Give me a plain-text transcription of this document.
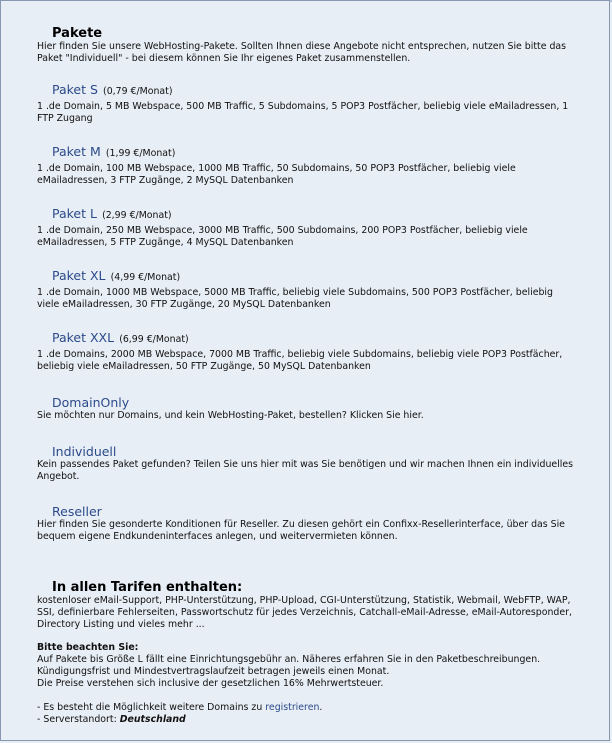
Pakete

Hier finden Sie unsere WebHosting-Pakete. Sollten Ihnen diese Angebote nicht entsprechen, nutzen Sie bitte das Paket "Individuell" - bei diesem können Sie Ihr eigenes Paket zusammenstellen.

Paket S (0,79 €/Monat)

1 .de Domain, 5 MB Webspace, 500 MB Traffic, 5 Subdomains, 5 POP3 Postfächer, beliebig viele eMailadressen, 1 FTP Zugang

Paket M (1,99 €/Monat)

1 .de Domain, 100 MB Webspace, 1000 MB Traffic, 50 Subdomains, 50 POP3 Postfächer, beliebig viele eMailadressen, 3 FTP Zugänge, 2 MySQL Datenbanken

Paket L (2,99 €/Monat)

1 .de Domain, 250 MB Webspace, 3000 MB Traffic, 500 Subdomains, 200 POP3 Postfächer, beliebig viele eMailadressen, 5 FTP Zugänge, 4 MySQL Datenbanken

Paket XL (4,99 €/Monat)

1 .de Domain, 1000 MB Webspace, 5000 MB Traffic, beliebig viele Subdomains, 500 POP3 Postfächer, beliebig viele eMailadressen, 30 FTP Zugänge, 20 MySQL Datenbanken

Paket XXL (6,99 €/Monat)

1 .de Domains, 2000 MB Webspace, 7000 MB Traffic, beliebig viele Subdomains, beliebig viele POP3 Postfächer, beliebig viele eMailadressen, 50 FTP Zugänge, 50 MySQL Datenbanken

DomainOnly

Sie möchten nur Domains, und kein WebHosting-Paket, bestellen? Klicken Sie hier.

Individuell

Kein passendes Paket gefunden? Teilen Sie uns hier mit was Sie benötigen und wir machen Ihnen ein individuelles Angebot.

Reseller

Hier finden Sie gesonderte Konditionen für Reseller. Zu diesen gehört ein Confixx-Resellerinterface, über das Sie bequem eigene Endkundeninterfaces anlegen, und weitervermieten können.

In allen Tarifen enthalten:

kostenloser eMail-Support, PHP-Unterstützung, PHP-Upload, CGI-Unterstützung, Statistik, Webmail, WebFTP, WAP, SSI, definierbare Fehlerseiten, Passwortschutz für jedes Verzeichnis, Catchall-eMail-Adresse, eMail-Autoresponder, Directory Listing und vieles mehr ...

Bitte beachten Sie:

Auf Pakete bis Größe L fällt eine Einrichtungsgebühr an. Näheres erfahren Sie in den Paketbeschreibungen.

Kündigungsfrist und Mindestvertragslaufzeit betragen jeweils einen Monat.

Die Preise verstehen sich inclusive der gesetzlichen 16% Mehrwertsteuer.

- Es besteht die Möglichkeit weitere Domains zu registrieren.

- Serverstandort: Deutschland
